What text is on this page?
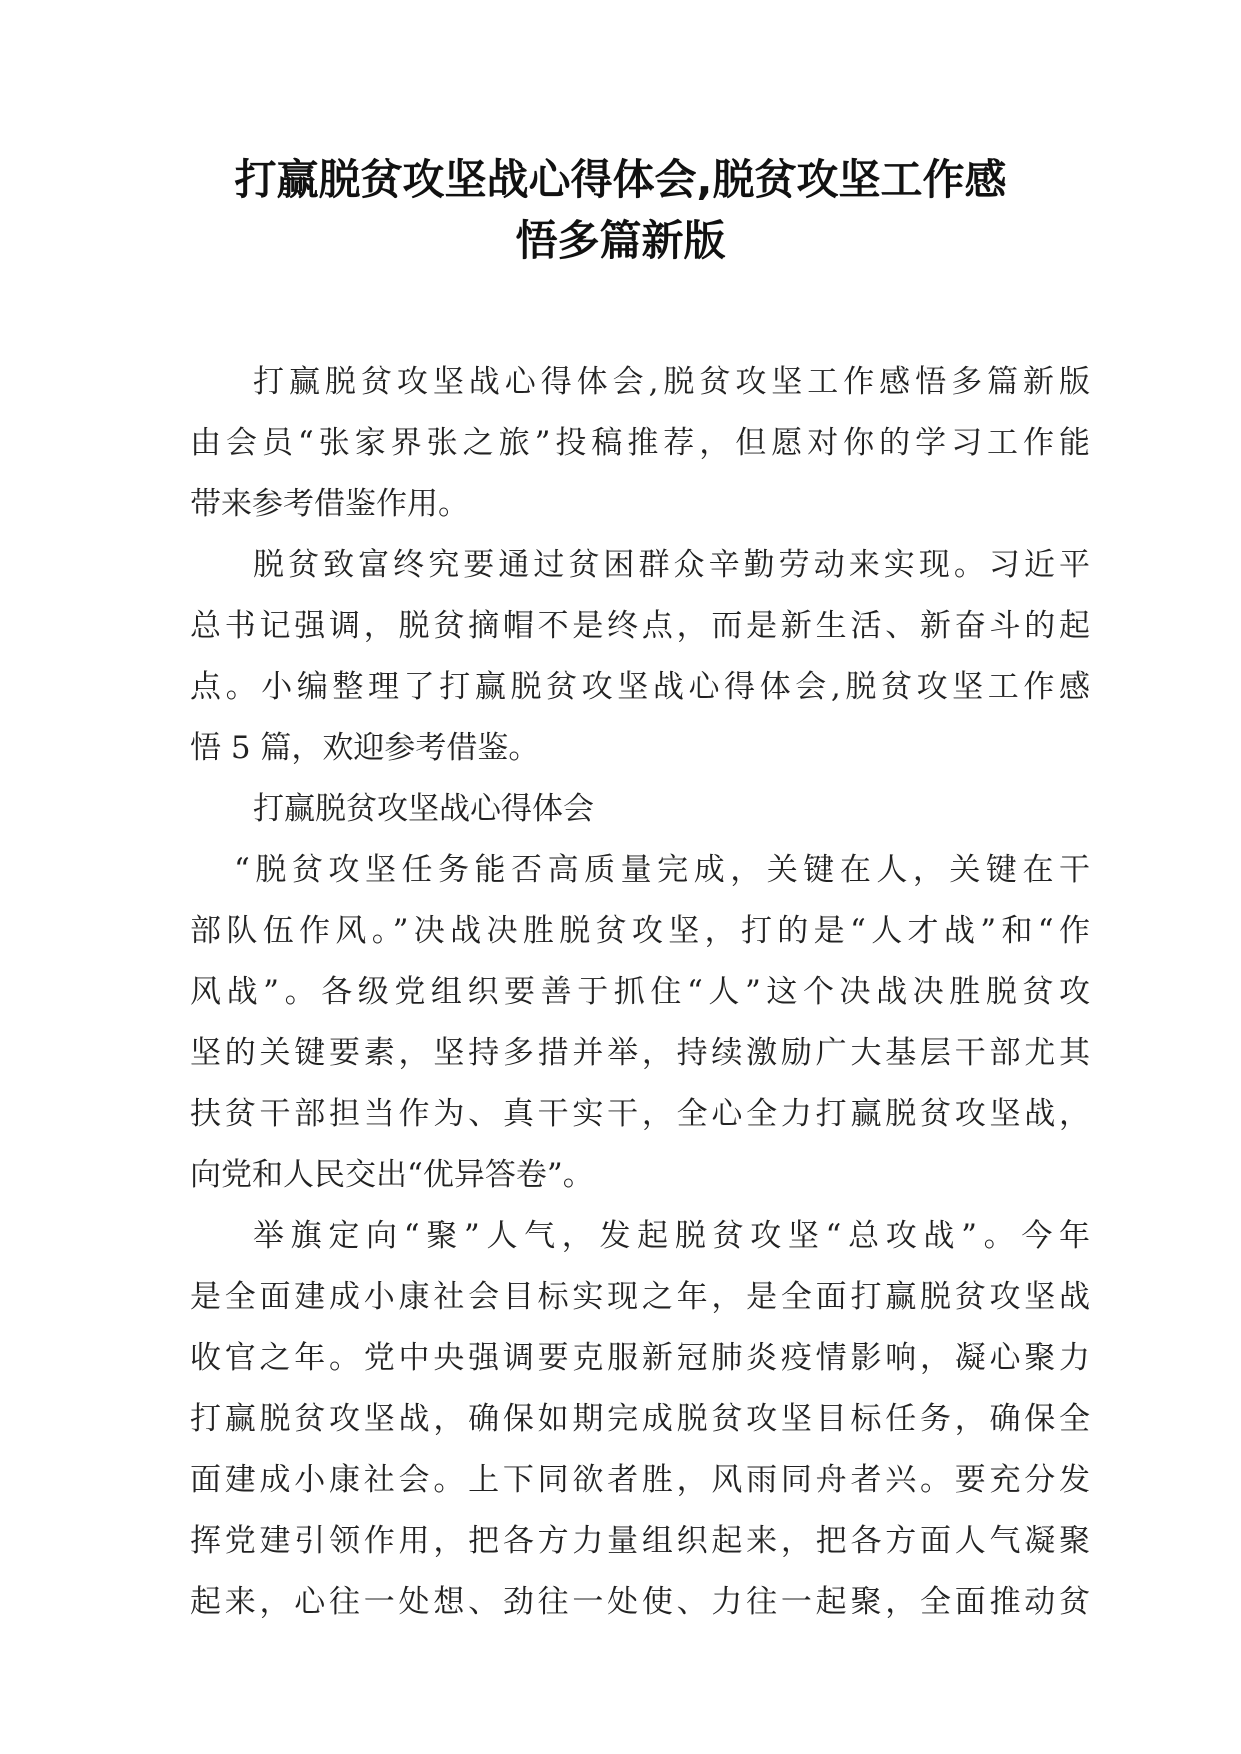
打赢脱贫攻坚战心得体会,脱贫攻坚工作感
悟多篇新版

打赢脱贫攻坚战心得体会,脱贫攻坚工作感悟多篇新版
由会员“张家界张之旅”投稿推荐，但愿对你的学习工作能
带来参考借鉴作用。

脱贫致富终究要通过贫困群众辛勤劳动来实现。习近平
总书记强调，脱贫摘帽不是终点，而是新生活、新奋斗的起
点。小编整理了打赢脱贫攻坚战心得体会,脱贫攻坚工作感
悟 5 篇，欢迎参考借鉴。

打赢脱贫攻坚战心得体会

“脱贫攻坚任务能否高质量完成，关键在人，关键在干
部队伍作风。”决战决胜脱贫攻坚，打的是“人才战”和“作
风战”。各级党组织要善于抓住“人”这个决战决胜脱贫攻
坚的关键要素，坚持多措并举，持续激励广大基层干部尤其
扶贫干部担当作为、真干实干，全心全力打赢脱贫攻坚战，
向党和人民交出“优异答卷”。

举旗定向“聚”人气，发起脱贫攻坚“总攻战”。今年
是全面建成小康社会目标实现之年，是全面打赢脱贫攻坚战
收官之年。党中央强调要克服新冠肺炎疫情影响，凝心聚力
打赢脱贫攻坚战，确保如期完成脱贫攻坚目标任务，确保全
面建成小康社会。上下同欲者胜，风雨同舟者兴。要充分发
挥党建引领作用，把各方力量组织起来，把各方面人气凝聚
起来，心往一处想、劲往一处使、力往一起聚，全面推动贫
